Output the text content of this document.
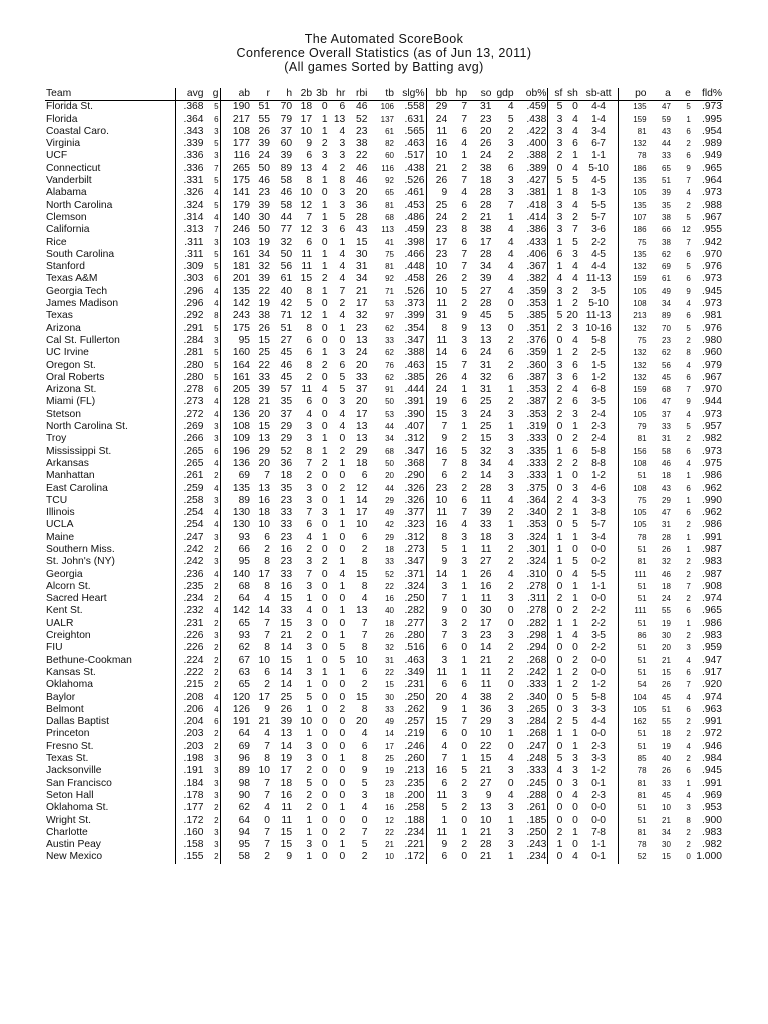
The Automated ScoreBook
Conference Overall Statistics (as of Jun 13, 2011)
(All games Sorted by Batting avg)
Team	avg	g	ab	r	h	2b	3b	hr	rbi	tb	slg%	bb	hp	so	gdp	ob%	sf	sh	sb-att	po	a	e	fld%
Florida St.	.368	5	190	51	70	18	0	6	46	106	.558	29	7	31	4	.459	5	0	4-4	135	47	5	.973
Florida	.364	6	217	55	79	17	1	13	52	137	.631	24	7	23	5	.438	3	4	1-4	159	59	1	.995
Coastal Caro.	.343	3	108	26	37	10	1	4	23	61	.565	11	6	20	2	.422	3	4	3-4	81	43	6	.954
Virginia	.339	5	177	39	60	9	2	3	38	82	.463	16	4	26	3	.400	3	6	6-7	132	44	2	.989
UCF	.336	3	116	24	39	6	3	3	22	60	.517	10	1	24	2	.388	2	1	1-1	78	33	6	.949
Connecticut	.336	7	265	50	89	13	4	2	46	116	.438	21	2	38	6	.389	0	4	5-10	186	65	9	.965
Vanderbilt	.331	5	175	46	58	8	1	8	46	92	.526	26	7	18	3	.427	5	5	4-5	135	51	7	.964
Alabama	.326	4	141	23	46	10	0	3	20	65	.461	9	4	28	3	.381	1	8	1-3	105	39	4	.973
North Carolina	.324	5	179	39	58	12	1	3	36	81	.453	25	6	28	7	.418	3	4	5-5	135	35	2	.988
Clemson	.314	4	140	30	44	7	1	5	28	68	.486	24	2	21	1	.414	3	2	5-7	107	38	5	.967
California	.313	7	246	50	77	12	3	6	43	113	.459	23	8	38	4	.386	3	7	3-6	186	66	12	.955
Rice	.311	3	103	19	32	6	0	1	15	41	.398	17	6	17	4	.433	1	5	2-2	75	38	7	.942
South Carolina	.311	5	161	34	50	11	1	4	30	75	.466	23	7	28	4	.406	6	3	4-5	135	62	6	.970
Stanford	.309	5	181	32	56	11	1	4	31	81	.448	10	7	34	4	.367	1	4	4-4	132	69	5	.976
Texas A&M	.303	6	201	39	61	15	2	4	34	92	.458	26	2	39	4	.382	4	4	11-13	159	61	6	.973
Georgia Tech	.296	4	135	22	40	8	1	7	21	71	.526	10	5	27	4	.359	3	2	3-5	105	49	9	.945
James Madison	.296	4	142	19	42	5	0	2	17	53	.373	11	2	28	0	.353	1	2	5-10	108	34	4	.973
Texas	.292	8	243	38	71	12	1	4	32	97	.399	31	9	45	5	.385	5	20	11-13	213	89	6	.981
Arizona	.291	5	175	26	51	8	0	1	23	62	.354	8	9	13	0	.351	2	3	10-16	132	70	5	.976
Cal St. Fullerton	.284	3	95	15	27	6	0	0	13	33	.347	11	3	13	2	.376	0	4	5-8	75	23	2	.980
UC Irvine	.281	5	160	25	45	6	1	3	24	62	.388	14	6	24	6	.359	1	2	2-5	132	62	8	.960
Oregon St.	.280	5	164	22	46	8	2	6	20	76	.463	15	7	31	2	.360	3	6	1-5	132	56	4	.979
Oral Roberts	.280	5	161	33	45	2	0	5	33	62	.385	26	4	32	6	.387	3	6	1-2	132	45	6	.967
Arizona St.	.278	6	205	39	57	11	4	5	37	91	.444	24	1	31	1	.353	2	4	6-8	159	68	7	.970
Miami (FL)	.273	4	128	21	35	6	0	3	20	50	.391	19	6	25	2	.387	2	6	3-5	106	47	9	.944
Stetson	.272	4	136	20	37	4	0	4	17	53	.390	15	3	24	3	.353	2	3	2-4	105	37	4	.973
North Carolina St.	.269	3	108	15	29	3	0	4	13	44	.407	7	1	25	1	.319	0	1	2-3	79	33	5	.957
Troy	.266	3	109	13	29	3	1	0	13	34	.312	9	2	15	3	.333	0	2	2-4	81	31	2	.982
Mississippi St.	.265	6	196	29	52	8	1	2	29	68	.347	16	5	32	3	.335	1	6	5-8	156	58	6	.973
Arkansas	.265	4	136	20	36	7	2	1	18	50	.368	7	8	34	4	.333	2	2	8-8	108	46	4	.975
Manhattan	.261	2	69	7	18	2	0	0	6	20	.290	6	2	14	3	.333	1	0	1-2	51	18	1	.986
East Carolina	.259	4	135	13	35	3	0	2	12	44	.326	23	2	28	3	.375	0	3	4-6	108	43	6	.962
TCU	.258	3	89	16	23	3	0	1	14	29	.326	10	6	11	4	.364	2	4	3-3	75	29	1	.990
Illinois	.254	4	130	18	33	7	3	1	17	49	.377	11	7	39	2	.340	2	1	3-8	105	47	6	.962
UCLA	.254	4	130	10	33	6	0	1	10	42	.323	16	4	33	1	.353	0	5	5-7	105	31	2	.986
Maine	.247	3	93	6	23	4	1	0	6	29	.312	8	3	18	3	.324	1	1	3-4	78	28	1	.991
Southern Miss.	.242	2	66	2	16	2	0	0	2	18	.273	5	1	11	2	.301	1	0	0-0	51	26	1	.987
St. John's (NY)	.242	3	95	8	23	3	2	1	8	33	.347	9	3	27	2	.324	1	5	0-2	81	32	2	.983
Georgia	.236	4	140	17	33	7	0	4	15	52	.371	14	1	26	4	.310	0	4	5-5	111	46	2	.987
Alcorn St.	.235	2	68	8	16	3	0	1	8	22	.324	3	1	16	2	.278	0	1	1-1	51	18	7	.908
Sacred Heart	.234	2	64	4	15	1	0	0	4	16	.250	7	1	11	3	.311	2	1	0-0	51	24	2	.974
Kent St.	.232	4	142	14	33	4	0	1	13	40	.282	9	0	30	0	.278	0	2	2-2	111	55	6	.965
UALR	.231	2	65	7	15	3	0	0	7	18	.277	3	2	17	0	.282	1	1	2-2	51	19	1	.986
Creighton	.226	3	93	7	21	2	0	1	7	26	.280	7	3	23	3	.298	1	4	3-5	86	30	2	.983
FIU	.226	2	62	8	14	3	0	5	8	32	.516	6	0	14	2	.294	0	0	2-2	51	20	3	.959
Bethune-Cookman	.224	2	67	10	15	1	0	5	10	31	.463	3	1	21	2	.268	0	2	0-0	51	21	4	.947
Kansas St.	.222	2	63	6	14	3	1	1	6	22	.349	11	1	11	2	.242	1	2	0-0	51	15	6	.917
Oklahoma	.215	2	65	2	14	1	0	0	2	15	.231	6	6	11	0	.333	1	2	1-2	54	26	7	.920
Baylor	.208	4	120	17	25	5	0	0	15	30	.250	20	4	38	2	.340	0	5	5-8	104	45	4	.974
Belmont	.206	4	126	9	26	1	0	2	8	33	.262	9	1	36	3	.265	0	3	3-3	105	51	6	.963
Dallas Baptist	.204	6	191	21	39	10	0	0	20	49	.257	15	7	29	3	.284	2	5	4-4	162	55	2	.991
Princeton	.203	2	64	4	13	1	0	0	4	14	.219	6	0	10	1	.268	1	1	0-0	51	18	2	.972
Fresno St.	.203	2	69	7	14	3	0	0	6	17	.246	4	0	22	0	.247	0	1	2-3	51	19	4	.946
Texas St.	.198	3	96	8	19	3	0	1	8	25	.260	7	1	15	4	.248	5	3	3-3	85	40	2	.984
Jacksonville	.191	3	89	10	17	2	0	0	9	19	.213	16	5	21	3	.333	4	3	1-2	78	26	6	.945
San Francisco	.184	3	98	7	18	5	0	0	5	23	.235	6	2	27	0	.245	0	3	0-1	81	33	1	.991
Seton Hall	.178	3	90	7	16	2	0	0	3	18	.200	11	3	9	4	.288	0	4	2-3	81	45	4	.969
Oklahoma St.	.177	2	62	4	11	2	0	1	4	16	.258	5	2	13	3	.261	0	0	0-0	51	10	3	.953
Wright St.	.172	2	64	0	11	1	0	0	0	12	.188	1	0	10	1	.185	0	0	0-0	51	21	8	.900
Charlotte	.160	3	94	7	15	1	0	2	7	22	.234	11	1	21	3	.250	2	1	7-8	81	34	2	.983
Austin Peay	.158	3	95	7	15	3	0	1	5	21	.221	9	2	28	3	.243	1	0	1-1	78	30	2	.982
New Mexico	.155	2	58	2	9	1	0	0	2	10	.172	6	0	21	1	.234	0	4	0-1	52	15	0	1.000
